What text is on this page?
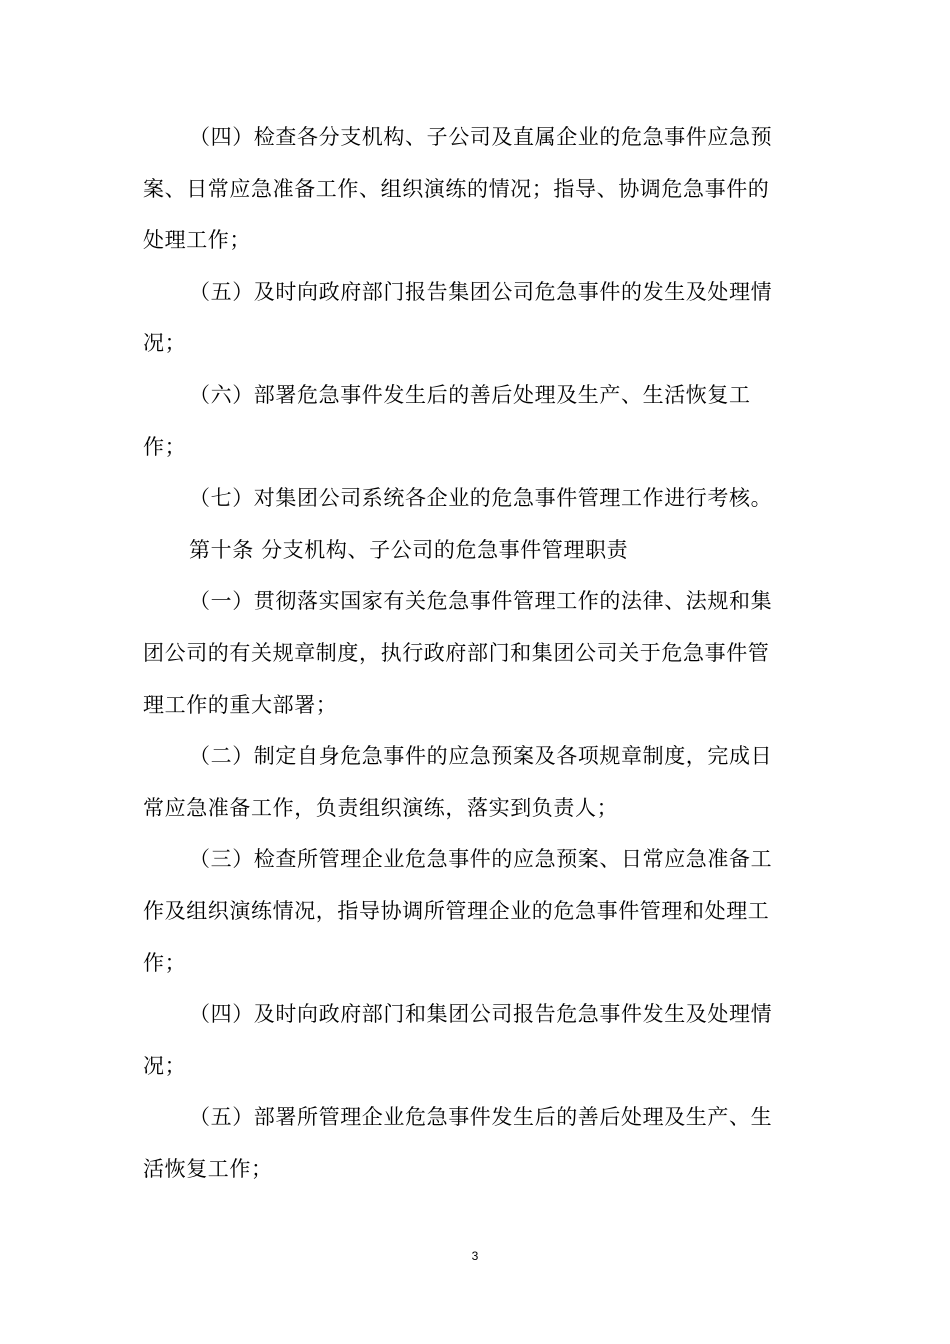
（四）检查各分支机构、子公司及直属企业的危急事件应急预
案、日常应急准备工作、组织演练的情况；指导、协调危急事件的
处理工作；

（五）及时向政府部门报告集团公司危急事件的发生及处理情
况；

（六）部署危急事件发生后的善后处理及生产、生活恢复工
作；

（七）对集团公司系统各企业的危急事件管理工作进行考核。

第十条 分支机构、子公司的危急事件管理职责

（一）贯彻落实国家有关危急事件管理工作的法律、法规和集
团公司的有关规章制度，执行政府部门和集团公司关于危急事件管
理工作的重大部署；

（二）制定自身危急事件的应急预案及各项规章制度，完成日
常应急准备工作，负责组织演练，落实到负责人；

（三）检查所管理企业危急事件的应急预案、日常应急准备工
作及组织演练情况，指导协调所管理企业的危急事件管理和处理工
作；

（四）及时向政府部门和集团公司报告危急事件发生及处理情
况；

（五）部署所管理企业危急事件发生后的善后处理及生产、生
活恢复工作；

3
